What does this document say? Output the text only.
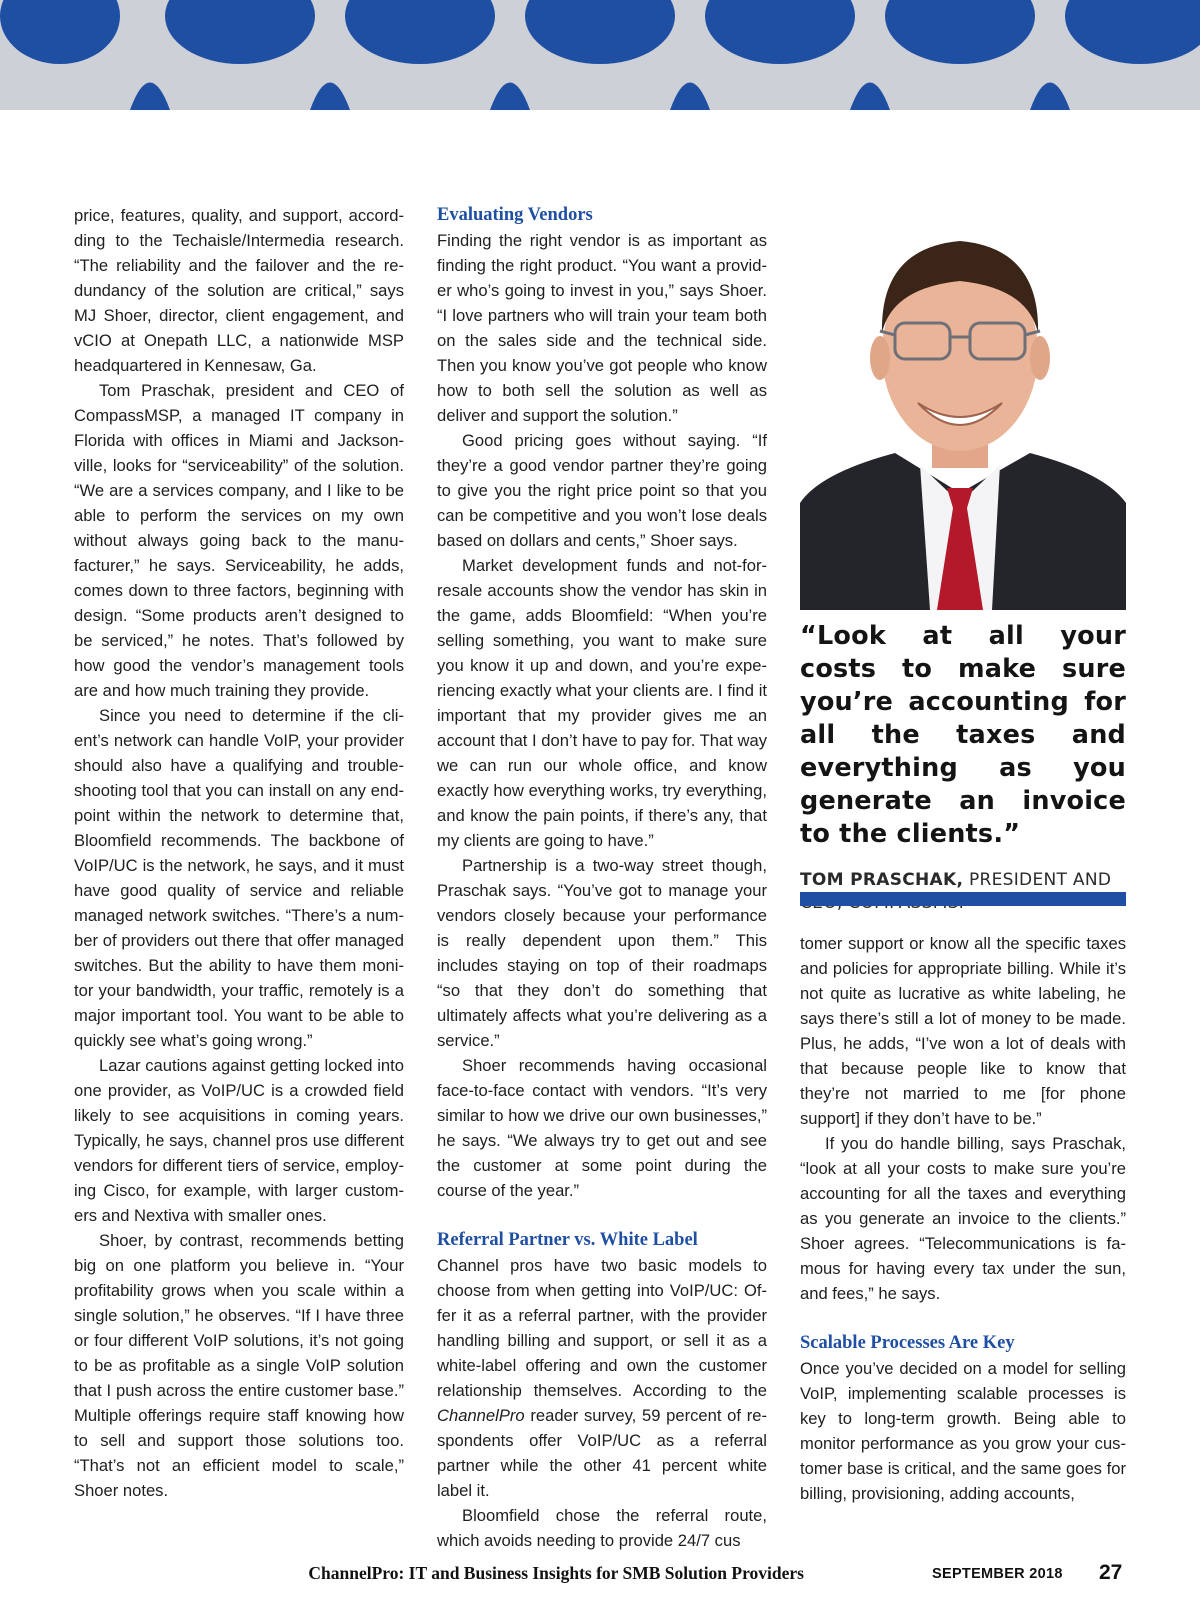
price, features, quality, and support, accordding to the Techaisle/Intermedia research. “The reliability and the failover and the redundancy of the solution are critical,” says MJ Shoer, director, client engagement, and vCIO at Onepath LLC, a nationwide MSP headquartered in Kennesaw, Ga.

Tom Praschak, president and CEO of CompassMSP, a managed IT company in Florida with offices in Miami and Jacksonville, looks for “serviceability” of the solution. “We are a services company, and I like to be able to perform the services on my own without always going back to the manufacturer,” he says. Serviceability, he adds, comes down to three factors, beginning with design. “Some products aren’t designed to be serviced,” he notes. That’s followed by how good the vendor’s management tools are and how much training they provide.

Since you need to determine if the client’s network can handle VoIP, your provider should also have a qualifying and troubleshooting tool that you can install on any endpoint within the network to determine that, Bloomfield recommends. The backbone of VoIP/UC is the network, he says, and it must have good quality of service and reliable managed network switches. “There’s a number of providers out there that offer managed switches. But the ability to have them monitor your bandwidth, your traffic, remotely is a major important tool. You want to be able to quickly see what’s going wrong.”

Lazar cautions against getting locked into one provider, as VoIP/UC is a crowded field likely to see acquisitions in coming years. Typically, he says, channel pros use different vendors for different tiers of service, employing Cisco, for example, with larger customers and Nextiva with smaller ones.

Shoer, by contrast, recommends betting big on one platform you believe in. “Your profitability grows when you scale within a single solution,” he observes. “If I have three or four different VoIP solutions, it’s not going to be as profitable as a single VoIP solution that I push across the entire customer base.” Multiple offerings require staff knowing how to sell and support those solutions too. “That’s not an efficient model to scale,” Shoer notes.

Evaluating Vendors

Finding the right vendor is as important as finding the right product. “You want a provider who’s going to invest in you,” says Shoer. “I love partners who will train your team both on the sales side and the technical side. Then you know you’ve got people who know how to both sell the solution as well as deliver and support the solution.”

Good pricing goes without saying. “If they’re a good vendor partner they’re going to give you the right price point so that you can be competitive and you won’t lose deals based on dollars and cents,” Shoer says.

Market development funds and not-for-resale accounts show the vendor has skin in the game, adds Bloomfield: “When you’re selling something, you want to make sure you know it up and down, and you’re experiencing exactly what your clients are. I find it important that my provider gives me an account that I don’t have to pay for. That way we can run our whole office, and know exactly how everything works, try everything, and know the pain points, if there’s any, that my clients are going to have.”

Partnership is a two-way street though, Praschak says. “You’ve got to manage your vendors closely because your performance is really dependent upon them.” This includes staying on top of their roadmaps “so that they don’t do something that ultimately affects what you’re delivering as a service.”

Shoer recommends having occasional face-to-face contact with vendors. “It’s very similar to how we drive our own businesses,” he says. “We always try to get out and see the customer at some point during the course of the year.”

Referral Partner vs. White Label

Channel pros have two basic models to choose from when getting into VoIP/UC: Offer it as a referral partner, with the provider handling billing and support, or sell it as a white-label offering and own the customer relationship themselves. According to the ChannelPro reader survey, 59 percent of respondents offer VoIP/UC as a referral partner while the other 41 percent white label it.

Bloomfield chose the referral route, which avoids needing to provide 24/7 cus

“Look at all your costs to make sure you’re accounting for all the taxes and everything as you generate an invoice to the clients.”

TOM PRASCHAK, PRESIDENT AND

tomer support or know all the specific taxes and policies for appropriate billing. While it’s not quite as lucrative as white labeling, he says there’s still a lot of money to be made. Plus, he adds, “I’ve won a lot of deals with that because people like to know that they’re not married to me [for phone support] if they don’t have to be.”

If you do handle billing, says Praschak, “look at all your costs to make sure you’re accounting for all the taxes and everything as you generate an invoice to the clients.” Shoer agrees. “Telecommunications is famous for having every tax under the sun, and fees,” he says.

Scalable Processes Are Key

Once you’ve decided on a model for selling VoIP, implementing scalable processes is key to long-term growth. Being able to monitor performance as you grow your customer base is critical, and the same goes for billing, provisioning, adding accounts,

ChannelPro: IT and Business Insights for SMB Solution Providers	SEPTEMBER 2018 27
